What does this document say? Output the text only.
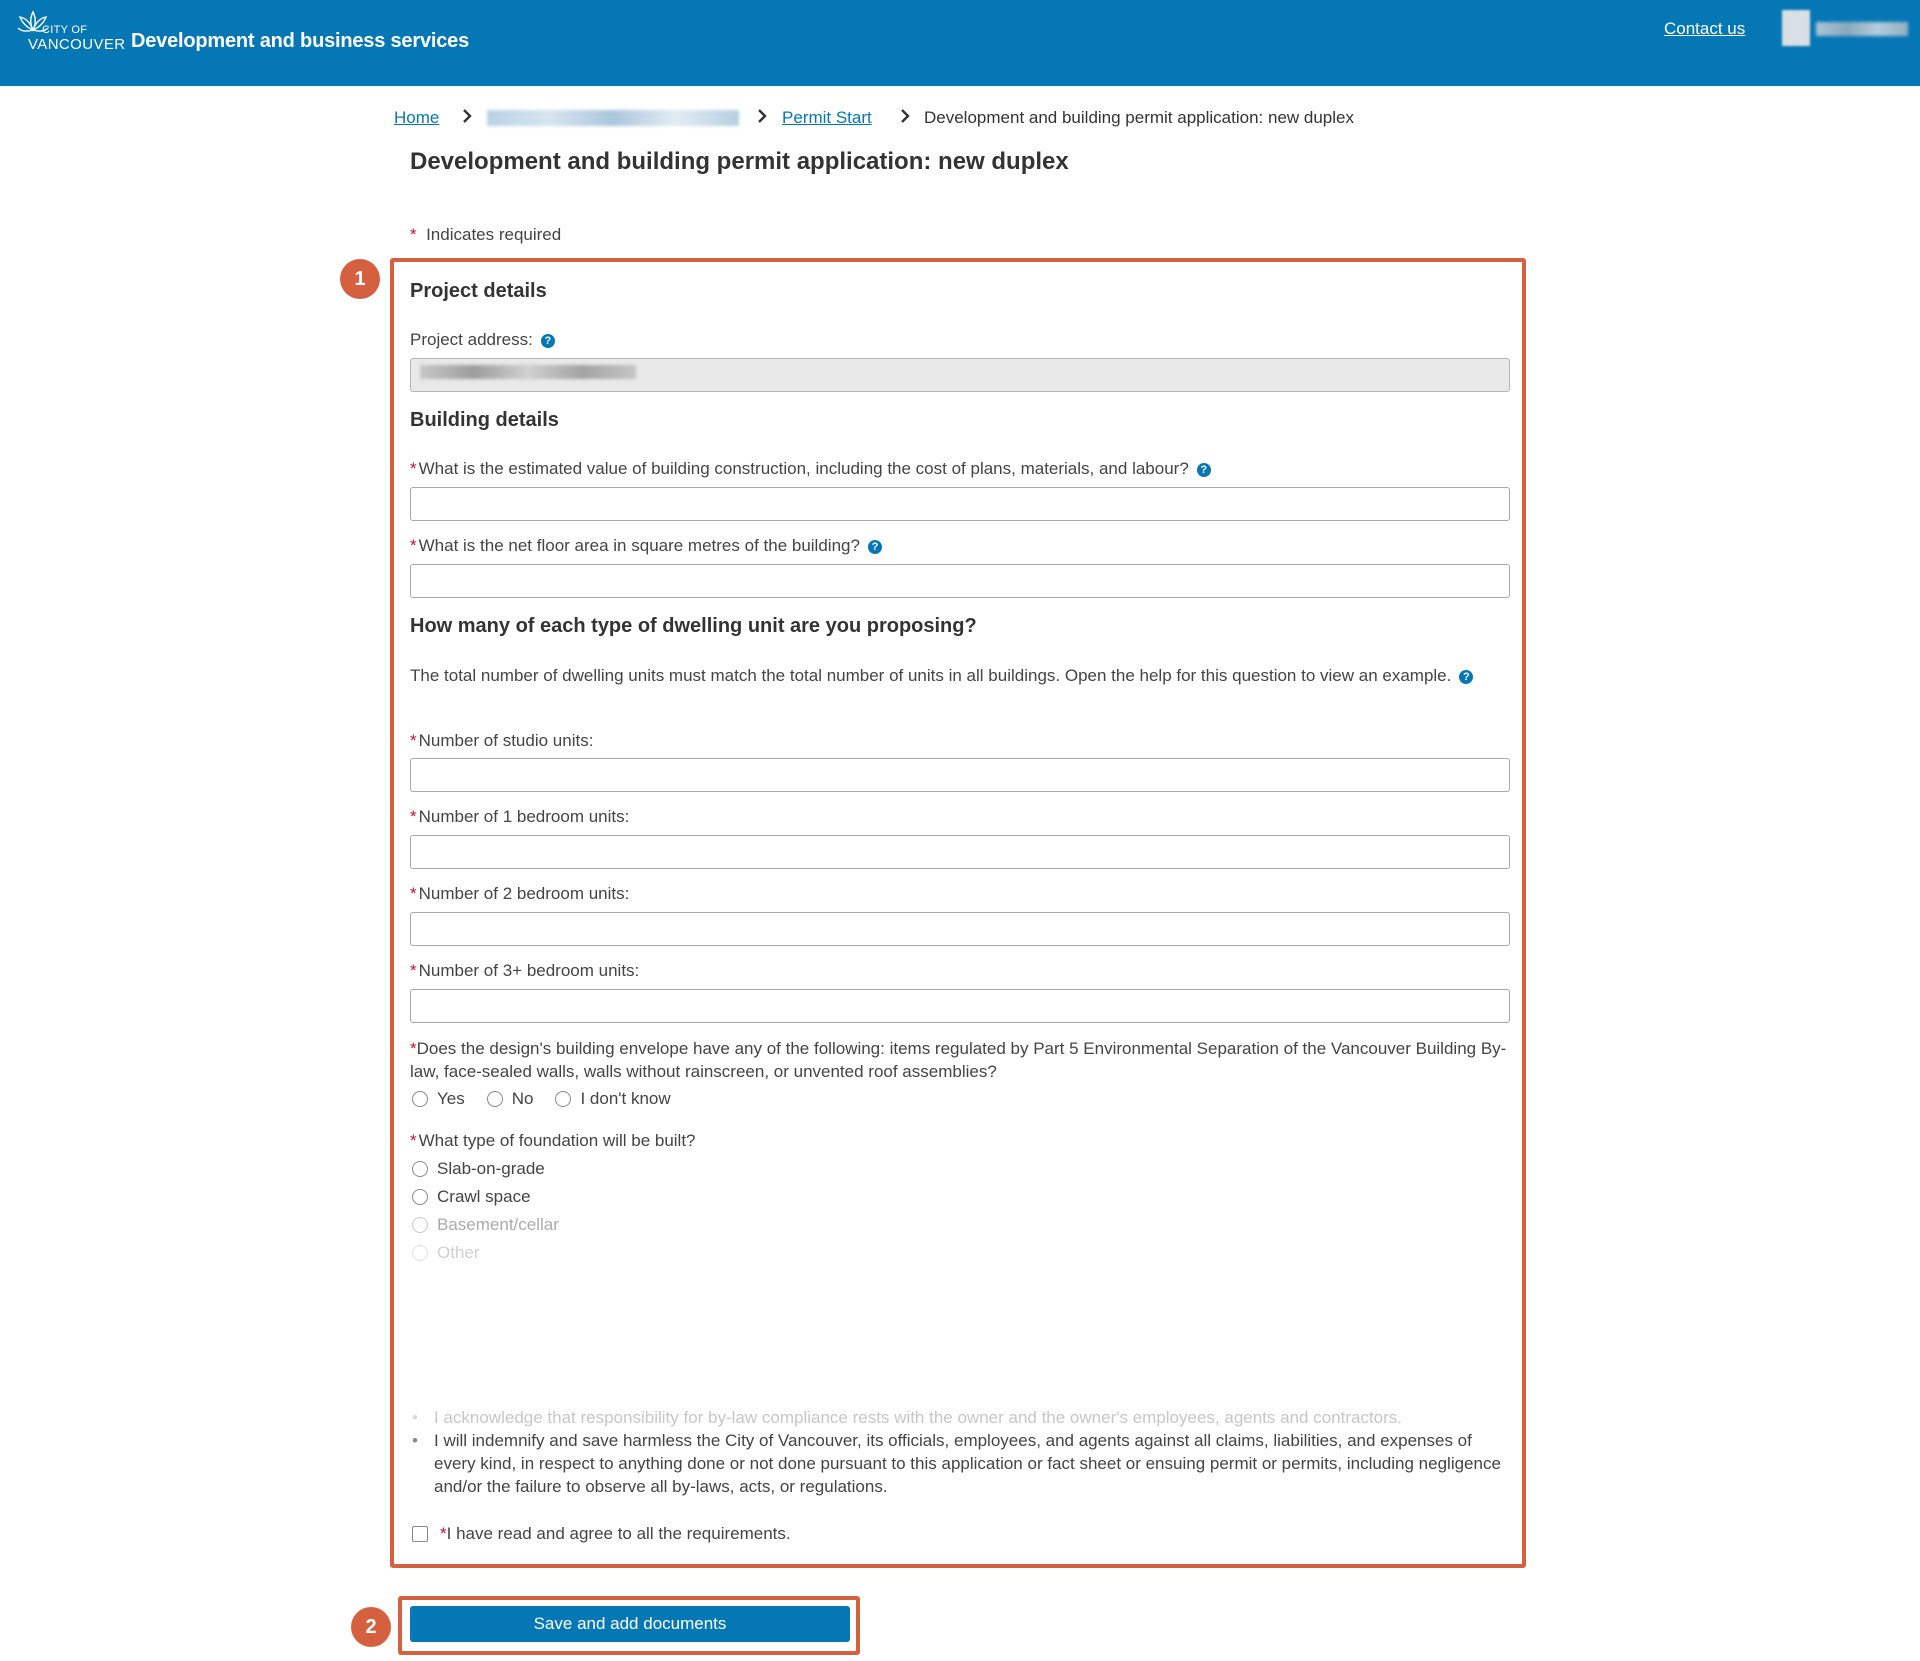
CITY OF
VANCOUVER Development and business services
Contact us
Home	Permit Start	Development and building permit application: new duplex
Development and building permit application: new duplex
* Indicates required
1
Project details
Project address: ?
Building details
* What is the estimated value of building construction, including the cost of plans, materials, and labour? ?
* What is the net floor area in square metres of the building? ?
How many of each type of dwelling unit are you proposing?
The total number of dwelling units must match the total number of units in all buildings. Open the help for this question to view an example. ?
* Number of studio units:
* Number of 1 bedroom units:
* Number of 2 bedroom units:
* Number of 3+ bedroom units:
*Does the design's building envelope have any of the following: items regulated by Part 5 Environmental Separation of the Vancouver Building By-law, face-sealed walls, walls without rainscreen, or unvented roof assemblies?
Yes	No	I don't know
* What type of foundation will be built?
Slab-on-grade
Crawl space
Basement/cellar
Other
• I acknowledge that responsibility for by-law compliance rests with the owner and the owner's employees, agents and contractors.
• I will indemnify and save harmless the City of Vancouver, its officials, employees, and agents against all claims, liabilities, and expenses of every kind, in respect to anything done or not done pursuant to this application or fact sheet or ensuing permit or permits, including negligence and/or the failure to observe all by-laws, acts, or regulations.
* I have read and agree to all the requirements.
2	Save and add documents
